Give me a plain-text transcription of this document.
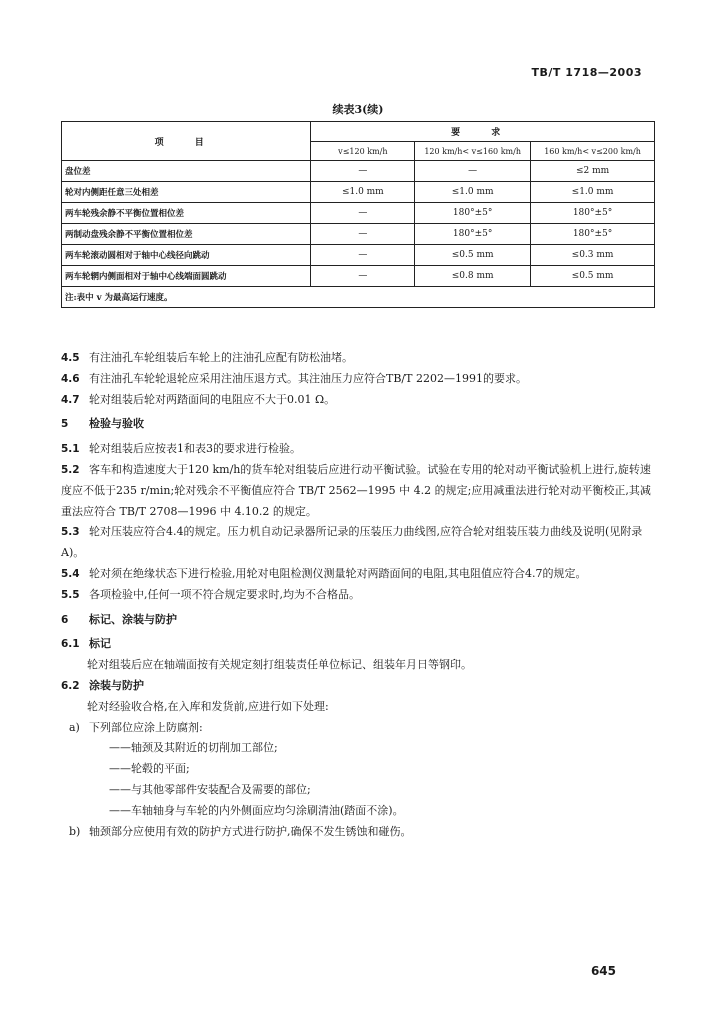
TB/T 1718—2003
续表3(续)
项 目	要 求		
	v≤120 km/h	120 km/h< v≤160 km/h	160 km/h< v≤200 km/h
盘位差	—	—	≤2 mm
轮对内侧距任意三处相差	≤1.0 mm	≤1.0 mm	≤1.0 mm
两车轮残余静不平衡位置相位差	—	180°±5°	180°±5°
两制动盘残余静不平衡位置相位差	—	180°±5°	180°±5°
两车轮滚动圆相对于轴中心线径向跳动	—	≤0.5 mm	≤0.3 mm
两车轮辋内侧面相对于轴中心线端面圆跳动	—	≤0.8 mm	≤0.5 mm
注:表中 v 为最高运行速度。			

4.5 有注油孔车轮组装后车轮上的注油孔应配有防松油堵。

4.6 有注油孔车轮轮退轮应采用注油压退方式。其注油压力应符合TB/T 2202—1991的要求。

4.7 轮对组装后轮对两踏面间的电阻应不大于0.01 Ω。

5 检验与验收

5.1 轮对组装后应按表1和表3的要求进行检验。

5.2 客车和构造速度大于120 km/h的货车轮对组装后应进行动平衡试验。试验在专用的轮对动平衡试验机上进行,旋转速度应不低于235 r/min;轮对残余不平衡值应符合 TB/T 2562—1995 中 4.2 的规定;应用减重法进行轮对动平衡校正,其减重法应符合 TB/T 2708—1996 中 4.10.2 的规定。

5.3 轮对压装应符合4.4的规定。压力机自动记录器所记录的压装压力曲线图,应符合轮对组装压装力曲线及说明(见附录 A)。

5.4 轮对须在绝缘状态下进行检验,用轮对电阻检测仪测量轮对两踏面间的电阻,其电阻值应符合4.7的规定。

5.5 各项检验中,任何一项不符合规定要求时,均为不合格品。

6 标记、涂装与防护

6.1 标记

轮对组装后应在轴端面按有关规定刻打组装责任单位标记、组装年月日等钢印。

6.2 涂装与防护

轮对经验收合格,在入库和发货前,应进行如下处理:

a) 下列部位应涂上防腐剂:

——轴颈及其附近的切削加工部位;

——轮毂的平面;

——与其他零部件安装配合及需要的部位;

——车轴轴身与车轮的内外侧面应均匀涂刷清油(踏面不涂)。

b) 轴颈部分应使用有效的防护方式进行防护,确保不发生锈蚀和碰伤。

645
